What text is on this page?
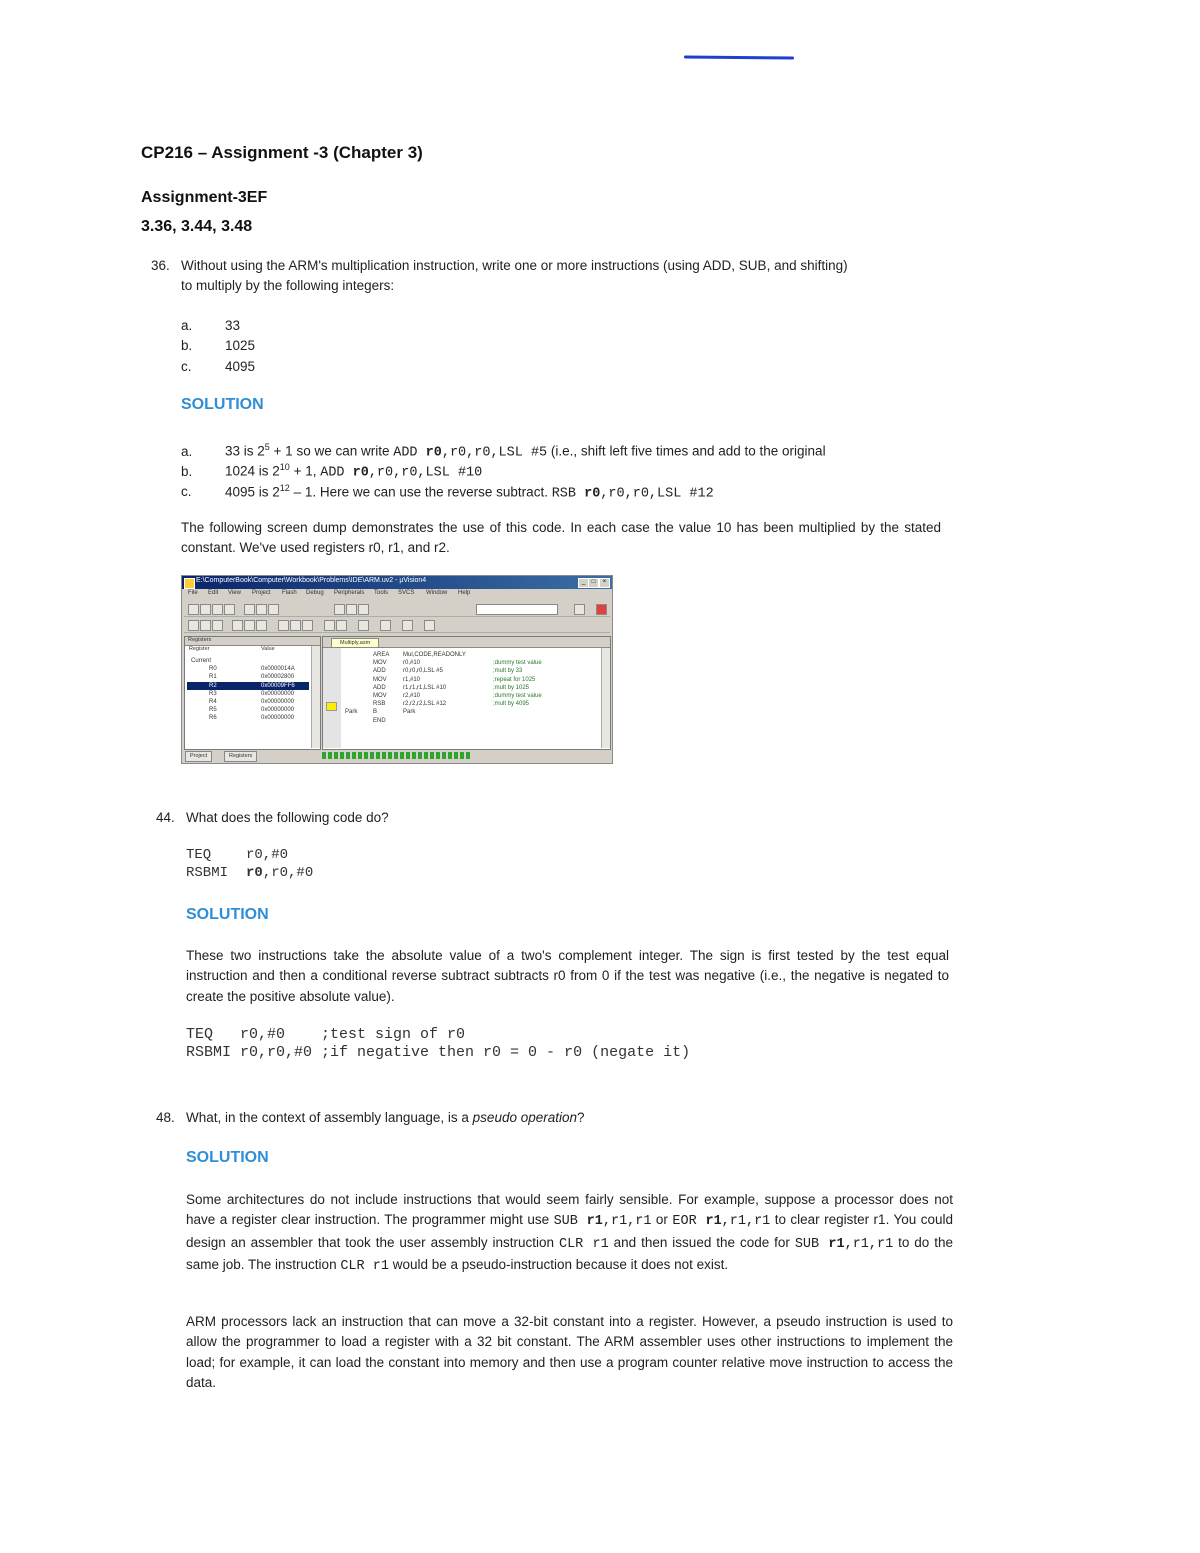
CP216 – Assignment -3 (Chapter 3)
Assignment-3EF
3.36, 3.44, 3.48
36. Without using the ARM's multiplication instruction, write one or more instructions (using ADD, SUB, and shifting)
to multiply by the following integers:
a. 33
b. 1025
c. 4095
SOLUTION
a. 33 is $2^5 + 1$ so we can write ADD r0,r0,r0,LSL #5 (i.e., shift left five times and add to the original
b. 1024 is $2^{10} + 1$, ADD r0,r0,r0,LSL #10
c. 4095 is $2^{12} - 1$. Here we can use the reverse subtract. RSB r0,r0,r0,LSL #12
The following screen dump demonstrates the use of this code. In each case the value 10 has been multiplied by the stated constant. We've used registers r0, r1, and r2.
E:\ComputerBook\Computer\Workbook\Problems\IDE\ARM.uv2 - µVision4	_	□	×
File Edit View Project Flash Debug Peripherals Tools SVCS Window Help
Registers
Register	Value
Current
R0	0x0000014A
R1	0x00002800
R2	0x00009FF6
R3	0x00000000
R4	0x00000000
R5	0x00000000
R6	0x00000000
Multiply.asm
AREA Mul,CODE,READONLY
MOV	r0,#10	;dummy test value
ADD	r0,r0,r0,LSL #5	;mult by 33
MOV	r1,#10	;repeat for 1025
ADD	r1,r1,r1,LSL #10	;mult by 1025
MOV	r2,#10	;dummy test value
RSB	r2,r2,r2,LSL #12	;mult by 4095
Park	B	Park
END
Project	Registers
44. What does the following code do?
TEQ r0,#0
RSBMI r0,r0,#0
SOLUTION
These two instructions take the absolute value of a two's complement integer. The sign is first tested by the test equal instruction and then a conditional reverse subtract subtracts r0 from 0 if the test was negative (i.e., the negative is negated to create the positive absolute value).
TEQ   r0,#0    ;test sign of r0
RSBMI r0,r0,#0 ;if negative then r0 = 0 - r0 (negate it)
48. What, in the context of assembly language, is a pseudo operation?
SOLUTION
Some architectures do not include instructions that would seem fairly sensible. For example, suppose a processor does not have a register clear instruction. The programmer might use SUB r1,r1,r1 or EOR r1,r1,r1 to clear register r1. You could design an assembler that took the user assembly instruction CLR r1 and then issued the code for SUB r1,r1,r1 to do the same job. The instruction CLR r1 would be a pseudo-instruction because it does not exist.
ARM processors lack an instruction that can move a 32-bit constant into a register. However, a pseudo instruction is used to allow the programmer to load a register with a 32 bit constant. The ARM assembler uses other instructions to implement the load; for example, it can load the constant into memory and then use a program counter relative move instruction to access the data.
